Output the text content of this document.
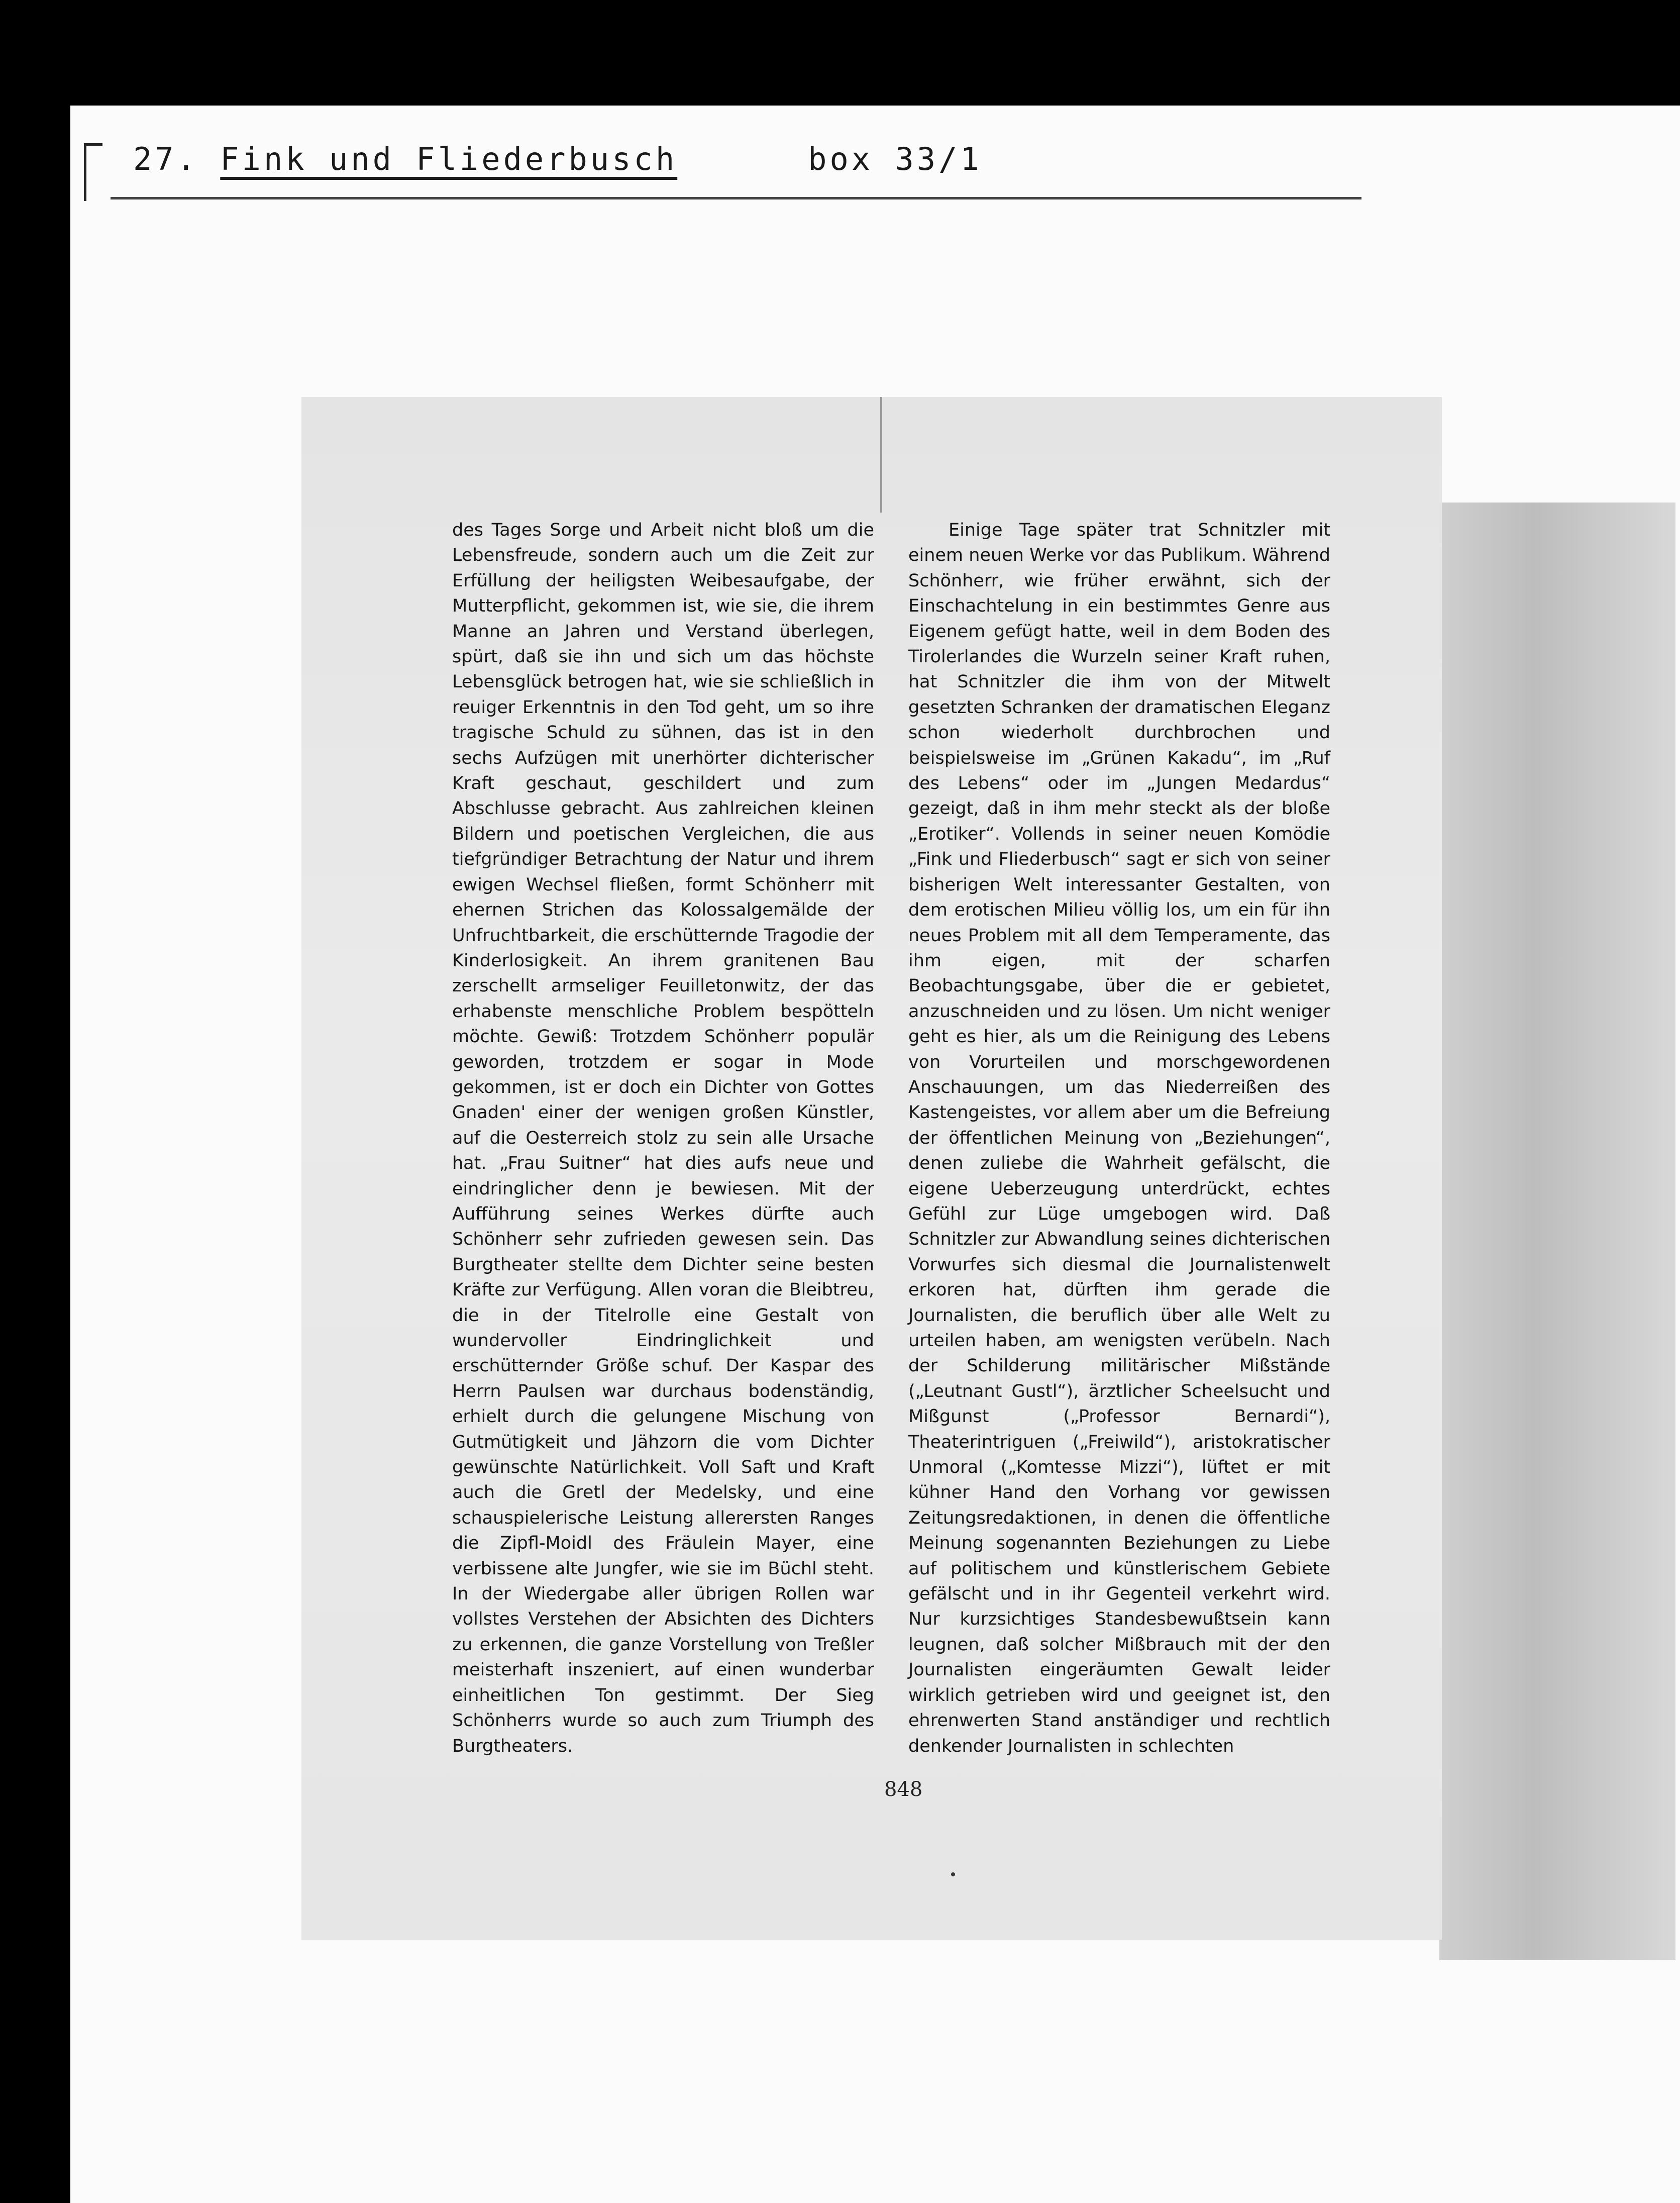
27. Fink und Fliederbusch	box 33/1

des Tages Sorge und Arbeit nicht bloß um die Lebensfreude, sondern auch um die Zeit zur Erfüllung der heiligsten Weibesaufgabe, der Mutterpflicht, gekommen ist, wie sie, die ihrem Manne an Jahren und Verstand überlegen, spürt, daß sie ihn und sich um das höchste Lebensglück betrogen hat, wie sie schließlich in reuiger Erkenntnis in den Tod geht, um so ihre tragische Schuld zu sühnen, das ist in den sechs Aufzügen mit unerhörter dichterischer Kraft geschaut, geschildert und zum Abschlusse gebracht. Aus zahlreichen kleinen Bildern und poetischen Vergleichen, die aus tiefgründiger Betrachtung der Natur und ihrem ewigen Wechsel fließen, formt Schönherr mit ehernen Strichen das Kolossalgemälde der Unfruchtbarkeit, die erschütternde Tragodie der Kinderlosigkeit. An ihrem granitenen Bau zerschellt armseliger Feuilletonwitz, der das erhabenste menschliche Problem bespötteln möchte. Gewiß: Trotzdem Schönherr populär geworden, trotzdem er sogar in Mode gekommen, ist er doch ein Dichter von Gottes Gnaden' einer der wenigen großen Künstler, auf die Oesterreich stolz zu sein alle Ursache hat. „Frau Suitner“ hat dies aufs neue und eindringlicher denn je bewiesen. Mit der Aufführung seines Werkes dürfte auch Schönherr sehr zufrieden gewesen sein. Das Burgtheater stellte dem Dichter seine besten Kräfte zur Verfügung. Allen voran die Bleibtreu, die in der Titelrolle eine Gestalt von wundervoller Eindringlichkeit und erschütternder Größe schuf. Der Kaspar des Herrn Paulsen war durchaus bodenständig, erhielt durch die gelungene Mischung von Gutmütigkeit und Jähzorn die vom Dichter gewünschte Natürlichkeit. Voll Saft und Kraft auch die Gretl der Medelsky, und eine schauspielerische Leistung allerersten Ranges die Zipfl-Moidl des Fräulein Mayer, eine verbissene alte Jungfer, wie sie im Büchl steht. In der Wiedergabe aller übrigen Rollen war vollstes Verstehen der Absichten des Dichters zu erkennen, die ganze Vorstellung von Treßler meisterhaft inszeniert, auf einen wunderbar einheitlichen Ton gestimmt. Der Sieg Schönherrs wurde so auch zum Triumph des Burgtheaters.

Einige Tage später trat Schnitzler mit einem neuen Werke vor das Publikum. Während Schönherr, wie früher erwähnt, sich der Einschachtelung in ein bestimmtes Genre aus Eigenem gefügt hatte, weil in dem Boden des Tirolerlandes die Wurzeln seiner Kraft ruhen, hat Schnitzler die ihm von der Mitwelt gesetzten Schranken der dramatischen Eleganz schon wiederholt durchbrochen und beispielsweise im „Grünen Kakadu“, im „Ruf des Lebens“ oder im „Jungen Medardus“ gezeigt, daß in ihm mehr steckt als der bloße „Erotiker“. Vollends in seiner neuen Komödie „Fink und Fliederbusch“ sagt er sich von seiner bisherigen Welt interessanter Gestalten, von dem erotischen Milieu völlig los, um ein für ihn neues Problem mit all dem Temperamente, das ihm eigen, mit der scharfen Beobachtungsgabe, über die er gebietet, anzuschneiden und zu lösen. Um nicht weniger geht es hier, als um die Reinigung des Lebens von Vorurteilen und morschgewordenen Anschauungen, um das Niederreißen des Kastengeistes, vor allem aber um die Befreiung der öffentlichen Meinung von „Beziehungen“, denen zuliebe die Wahrheit gefälscht, die eigene Ueberzeugung unterdrückt, echtes Gefühl zur Lüge umgebogen wird. Daß Schnitzler zur Abwandlung seines dichterischen Vorwurfes sich diesmal die Journalistenwelt erkoren hat, dürften ihm gerade die Journalisten, die beruflich über alle Welt zu urteilen haben, am wenigsten verübeln. Nach der Schilderung militärischer Mißstände („Leutnant Gustl“), ärztlicher Scheelsucht und Mißgunst („Professor Bernardi“), Theaterintriguen („Freiwild“), aristokratischer Unmoral („Komtesse Mizzi“), lüftet er mit kühner Hand den Vorhang vor gewissen Zeitungsredaktionen, in denen die öffentliche Meinung sogenannten Beziehungen zu Liebe auf politischem und künstlerischem Gebiete gefälscht und in ihr Gegenteil verkehrt wird. Nur kurzsichtiges Standesbewußtsein kann leugnen, daß solcher Mißbrauch mit der den Journalisten eingeräumten Gewalt leider wirklich getrieben wird und geeignet ist, den ehrenwerten Stand anständiger und rechtlich denkender Journalisten in schlechten

848
